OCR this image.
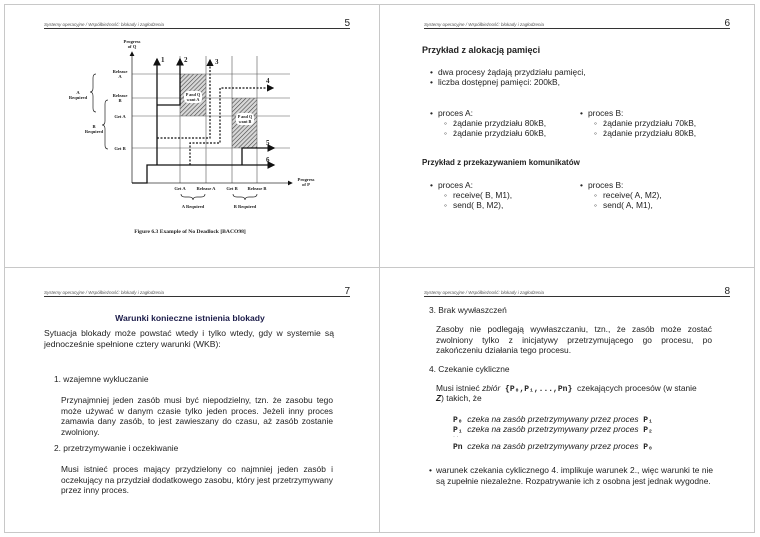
Systemy operacyjne / Współbieżność: blokady i zagłodzenia	5
1	2	3
4
5
6
P and Q
want A
P and Q
want B
Progress
of Q
Release
A
Release
B
Get A
Get B
A
Required
B
Required
Get A Release A Get B Release B
A Required	B Required
Progress
of P
Figure 6.3 Example of No Deadlock [BACO98]
Systemy operacyjne / Współbieżność: blokady i zagłodzenia	6
Przykład z alokacją pamięci
• dwa procesy żądają przydziału pamięci,
• liczba dostępnej pamięci: 200kB,
• proces A:
◦ żądanie przydziału 80kB,
◦ żądanie przydziału 60kB,
• proces B:
◦ żądanie przydziału 70kB,
◦ żądanie przydziału 80kB,
Przykład z przekazywaniem komunikatów
• proces A:
◦ receive( B, M1),
◦ send( B, M2),
• proces B:
◦ receive( A, M2),
◦ send( A, M1),
Systemy operacyjne / Współbieżność: blokady i zagłodzenia	7
Warunki konieczne istnienia blokady
Sytuacja blokady może powstać wtedy i tylko wtedy, gdy w systemie są jednocześnie spełnione cztery warunki (WKB):
1. wzajemne wykluczanie
Przynajmniej jeden zasób musi być niepodzielny, tzn. że zasobu tego może używać w danym czasie tylko jeden proces. Jeżeli inny proces zamawia dany zasób, to jest zawieszany do czasu, aż zasób zostanie zwolniony.
2. przetrzymywanie i oczekiwanie
Musi istnieć proces mający przydzielony co najmniej jeden zasób i oczekujący na przydział dodatkowego zasobu, który jest przetrzymywany przez inny proces.
Systemy operacyjne / Współbieżność: blokady i zagłodzenia	8
3. Brak wywłaszczeń
Zasoby nie podlegają wywłaszczaniu, tzn., że zasób może zostać zwolniony tylko z inicjatywy przetrzymującego go procesu, po zakończeniu działania tego procesu.
4. Czekanie cykliczne
Musi istnieć zbiór {P₀,P₁,...,Pn} czekających procesów (w stanie
Z) takich, że
P₀ czeka na zasób przetrzymywany przez proces P₁
P₁ czeka na zasób przetrzymywany przez proces P₂
· ·
Pn czeka na zasób przetrzymywany przez proces P₀
• warunek czekania cyklicznego 4. implikuje warunek 2., więc warunki te nie są zupełnie niezależne. Rozpatrywanie ich z osobna jest jednak wygodne.
